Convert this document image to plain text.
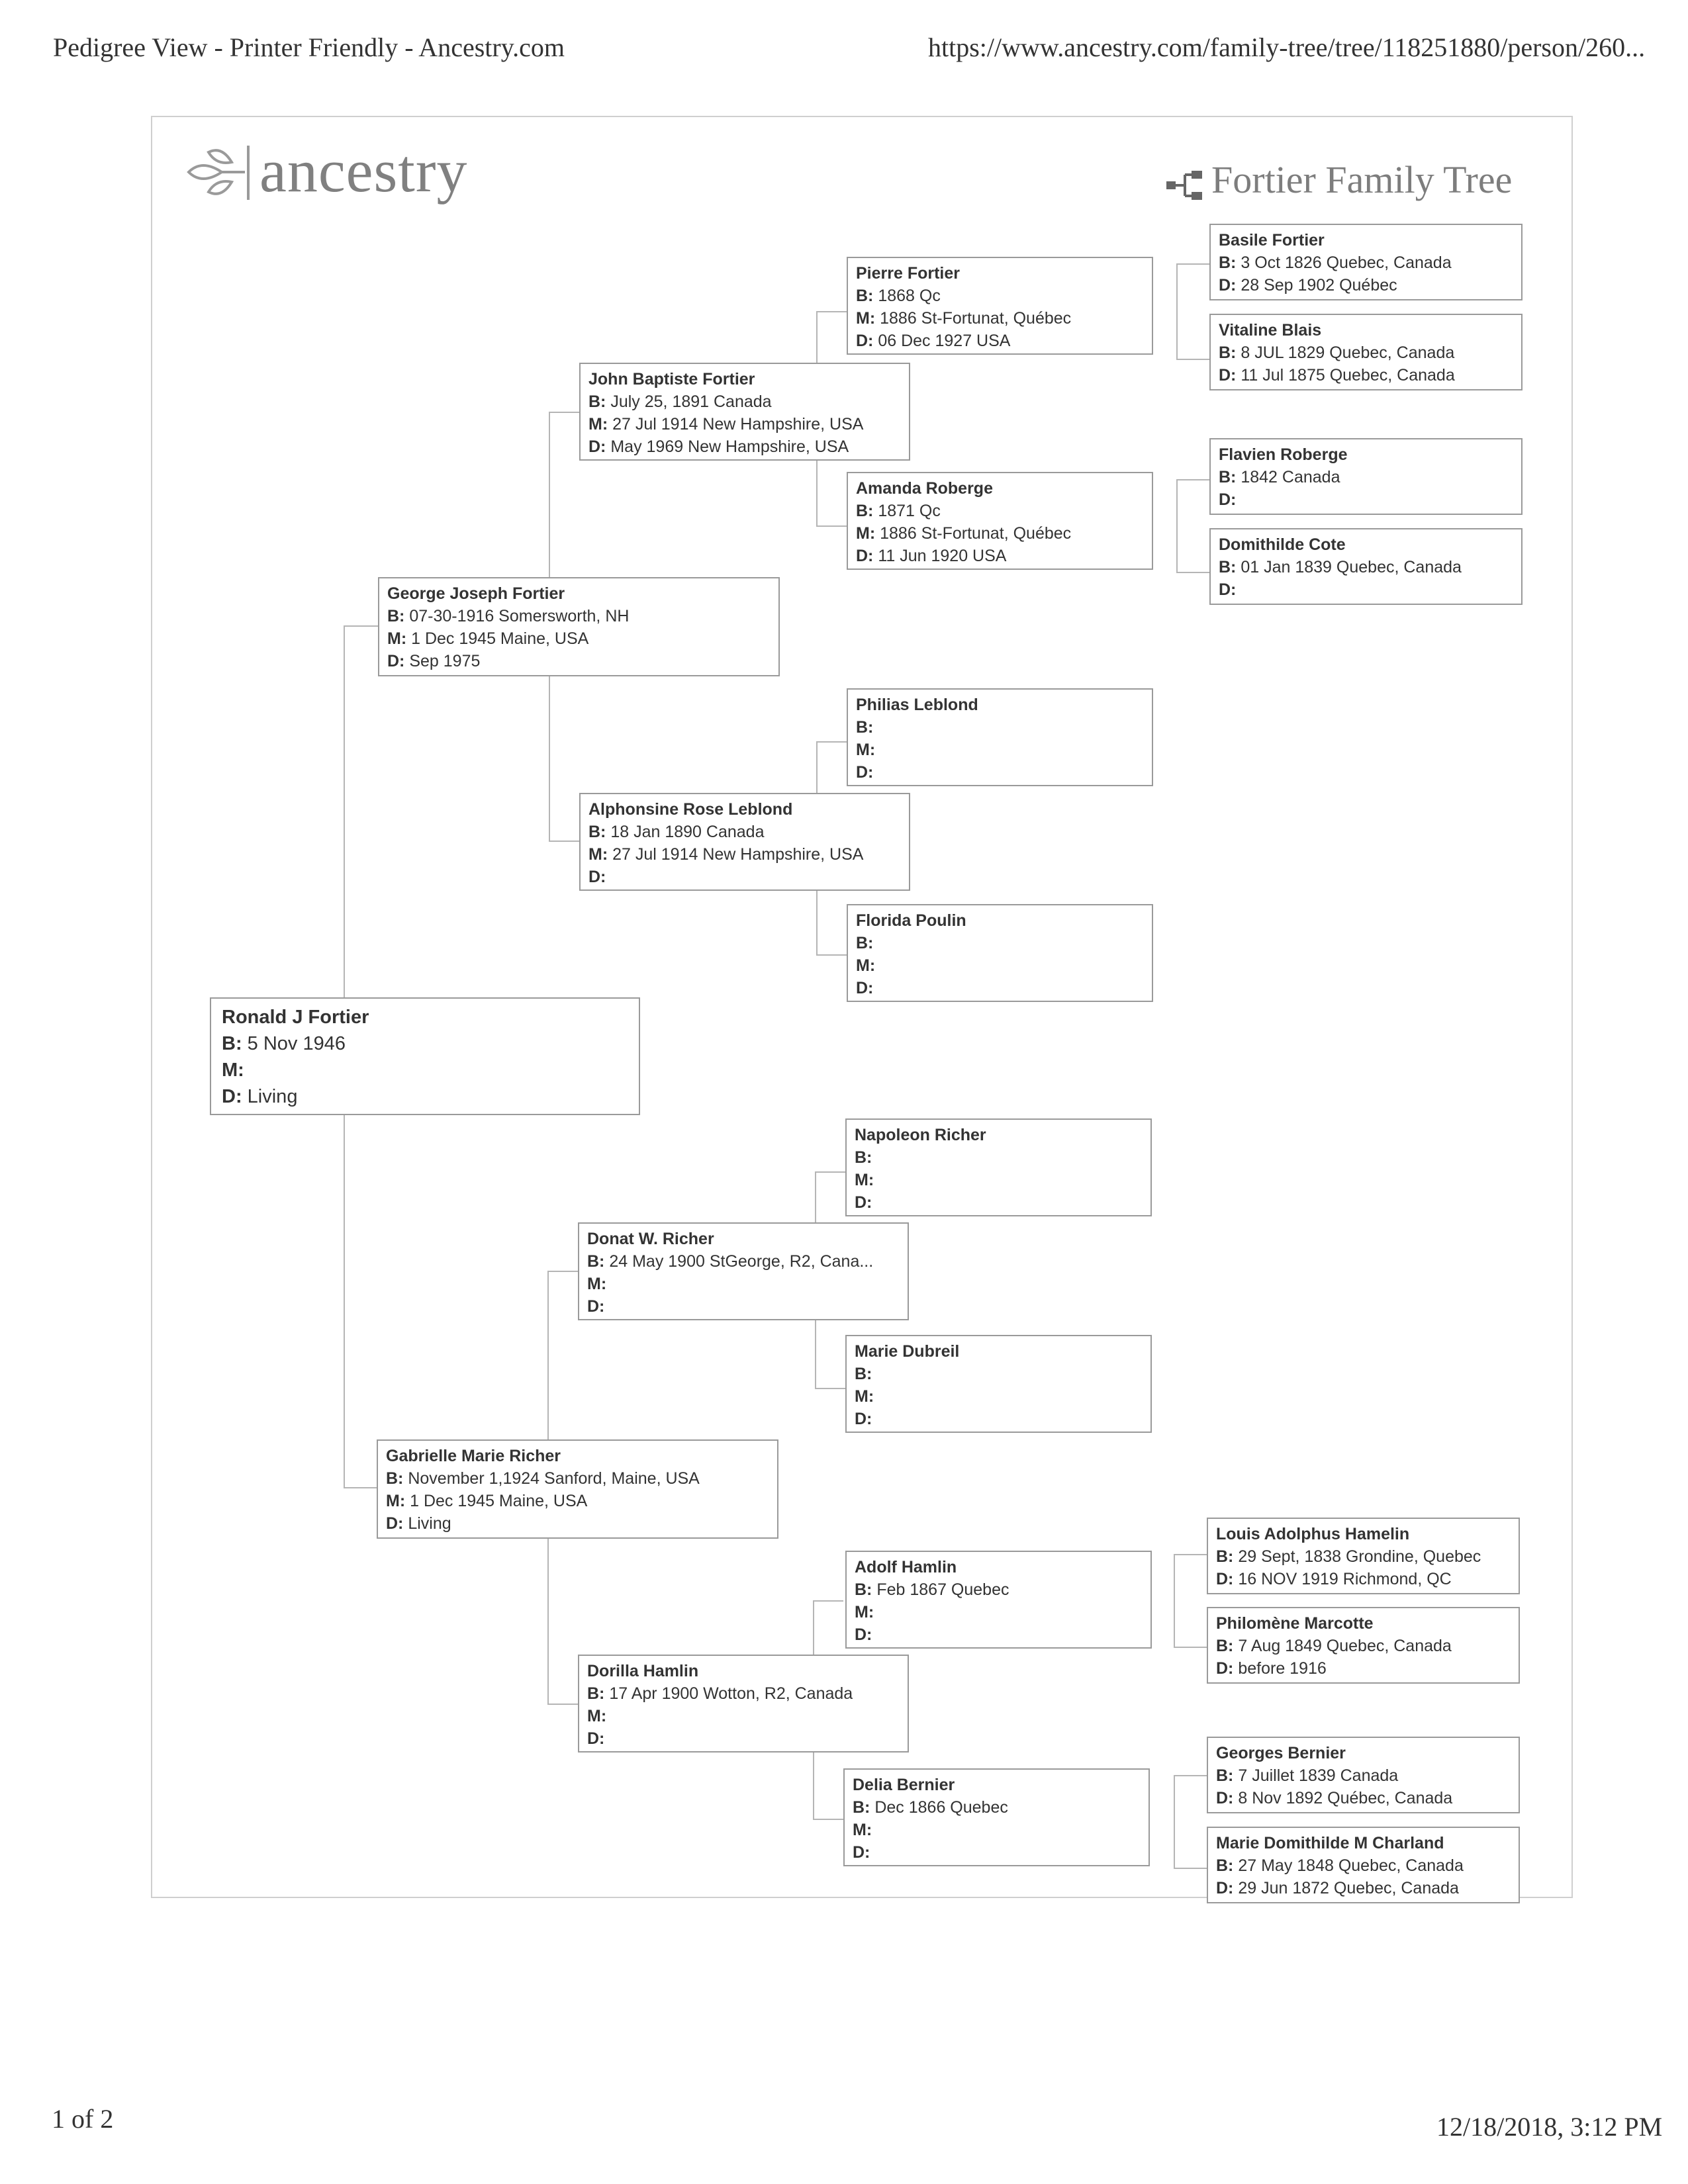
Pedigree View - Printer Friendly - Ancestry.com	https://www.ancestry.com/family-tree/tree/118251880/person/260...
ancestry	Fortier Family Tree
Ronald J Fortier
B: 5 Nov 1946
M:
D: Living
George Joseph Fortier
B: 07-30-1916 Somersworth, NH
M: 1 Dec 1945 Maine, USA
D: Sep 1975
Gabrielle Marie Richer
B: November 1,1924 Sanford, Maine, USA
M: 1 Dec 1945 Maine, USA
D: Living
John Baptiste Fortier
B: July 25, 1891 Canada
M: 27 Jul 1914 New Hampshire, USA
D: May 1969 New Hampshire, USA
Alphonsine Rose Leblond
B: 18 Jan 1890 Canada
M: 27 Jul 1914 New Hampshire, USA
D:
Donat W. Richer
B: 24 May 1900 StGeorge, R2, Cana...
M:
D:
Dorilla Hamlin
B: 17 Apr 1900 Wotton, R2, Canada
M:
D:
Pierre Fortier
B: 1868 Qc
M: 1886 St-Fortunat, Québec
D: 06 Dec 1927 USA
Amanda Roberge
B: 1871 Qc
M: 1886 St-Fortunat, Québec
D: 11 Jun 1920 USA
Philias Leblond
B:
M:
D:
Florida Poulin
B:
M:
D:
Napoleon Richer
B:
M:
D:
Marie Dubreil
B:
M:
D:
Adolf Hamlin
B: Feb 1867 Quebec
M:
D:
Delia Bernier
B: Dec 1866 Quebec
M:
D:
Basile Fortier
B: 3 Oct 1826 Quebec, Canada
D: 28 Sep 1902 Québec
Vitaline Blais
B: 8 JUL 1829 Quebec, Canada
D: 11 Jul 1875 Quebec, Canada
Flavien Roberge
B: 1842 Canada
D:
Domithilde Cote
B: 01 Jan 1839 Quebec, Canada
D:
Louis Adolphus Hamelin
B: 29 Sept, 1838 Grondine, Quebec
D: 16 NOV 1919 Richmond, QC
Philomène Marcotte
B: 7 Aug 1849 Quebec, Canada
D: before 1916
Georges Bernier
B: 7 Juillet 1839 Canada
D: 8 Nov 1892 Québec, Canada
Marie Domithilde M Charland
B: 27 May 1848 Quebec, Canada
D: 29 Jun 1872 Quebec, Canada
1 of 2	12/18/2018, 3:12 PM
